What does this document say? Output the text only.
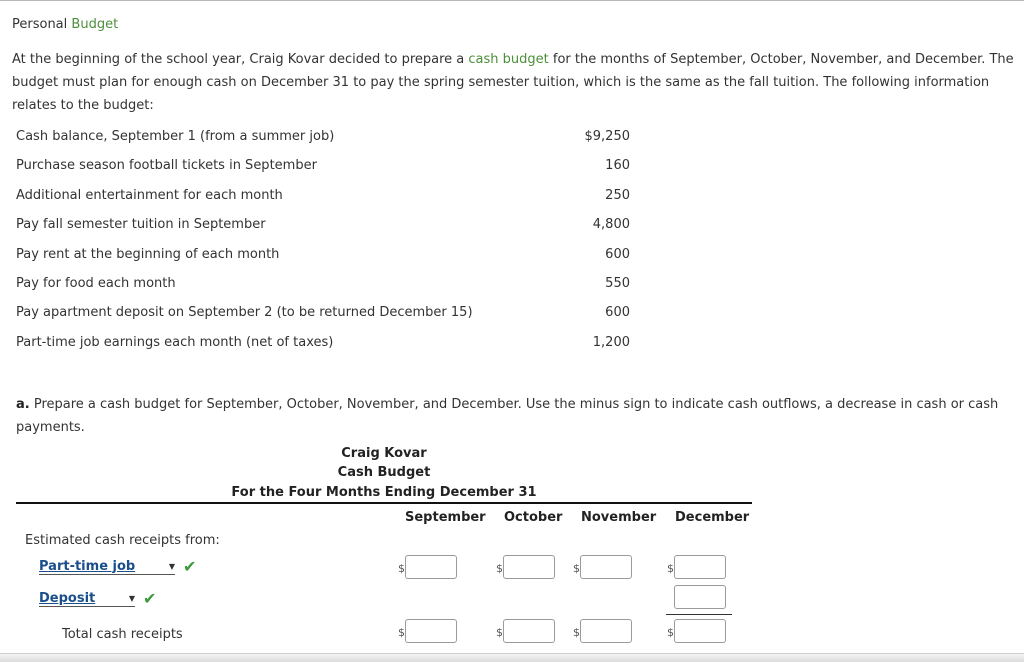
Personal Budget
At the beginning of the school year, Craig Kovar decided to prepare a cash budget for the months of September, October, November, and December. The budget must plan for enough cash on December 31 to pay the spring semester tuition, which is the same as the fall tuition. The following information relates to the budget:
Cash balance, September 1 (from a summer job)	$9,250
Purchase season football tickets in September	160
Additional entertainment for each month	250
Pay fall semester tuition in September	4,800
Pay rent at the beginning of each month	600
Pay for food each month	550
Pay apartment deposit on September 2 (to be returned December 15)	600
Part-time job earnings each month (net of taxes)	1,200
a. Prepare a cash budget for September, October, November, and December. Use the minus sign to indicate cash outflows, a decrease in cash or cash payments.
Craig Kovar
Cash Budget
For the Four Months Ending December 31
September October November December
Estimated cash receipts from:
Part-time job	▼ ✔	$	$	$	$
Deposit	▼ ✔
Total cash receipts	$	$	$	$
